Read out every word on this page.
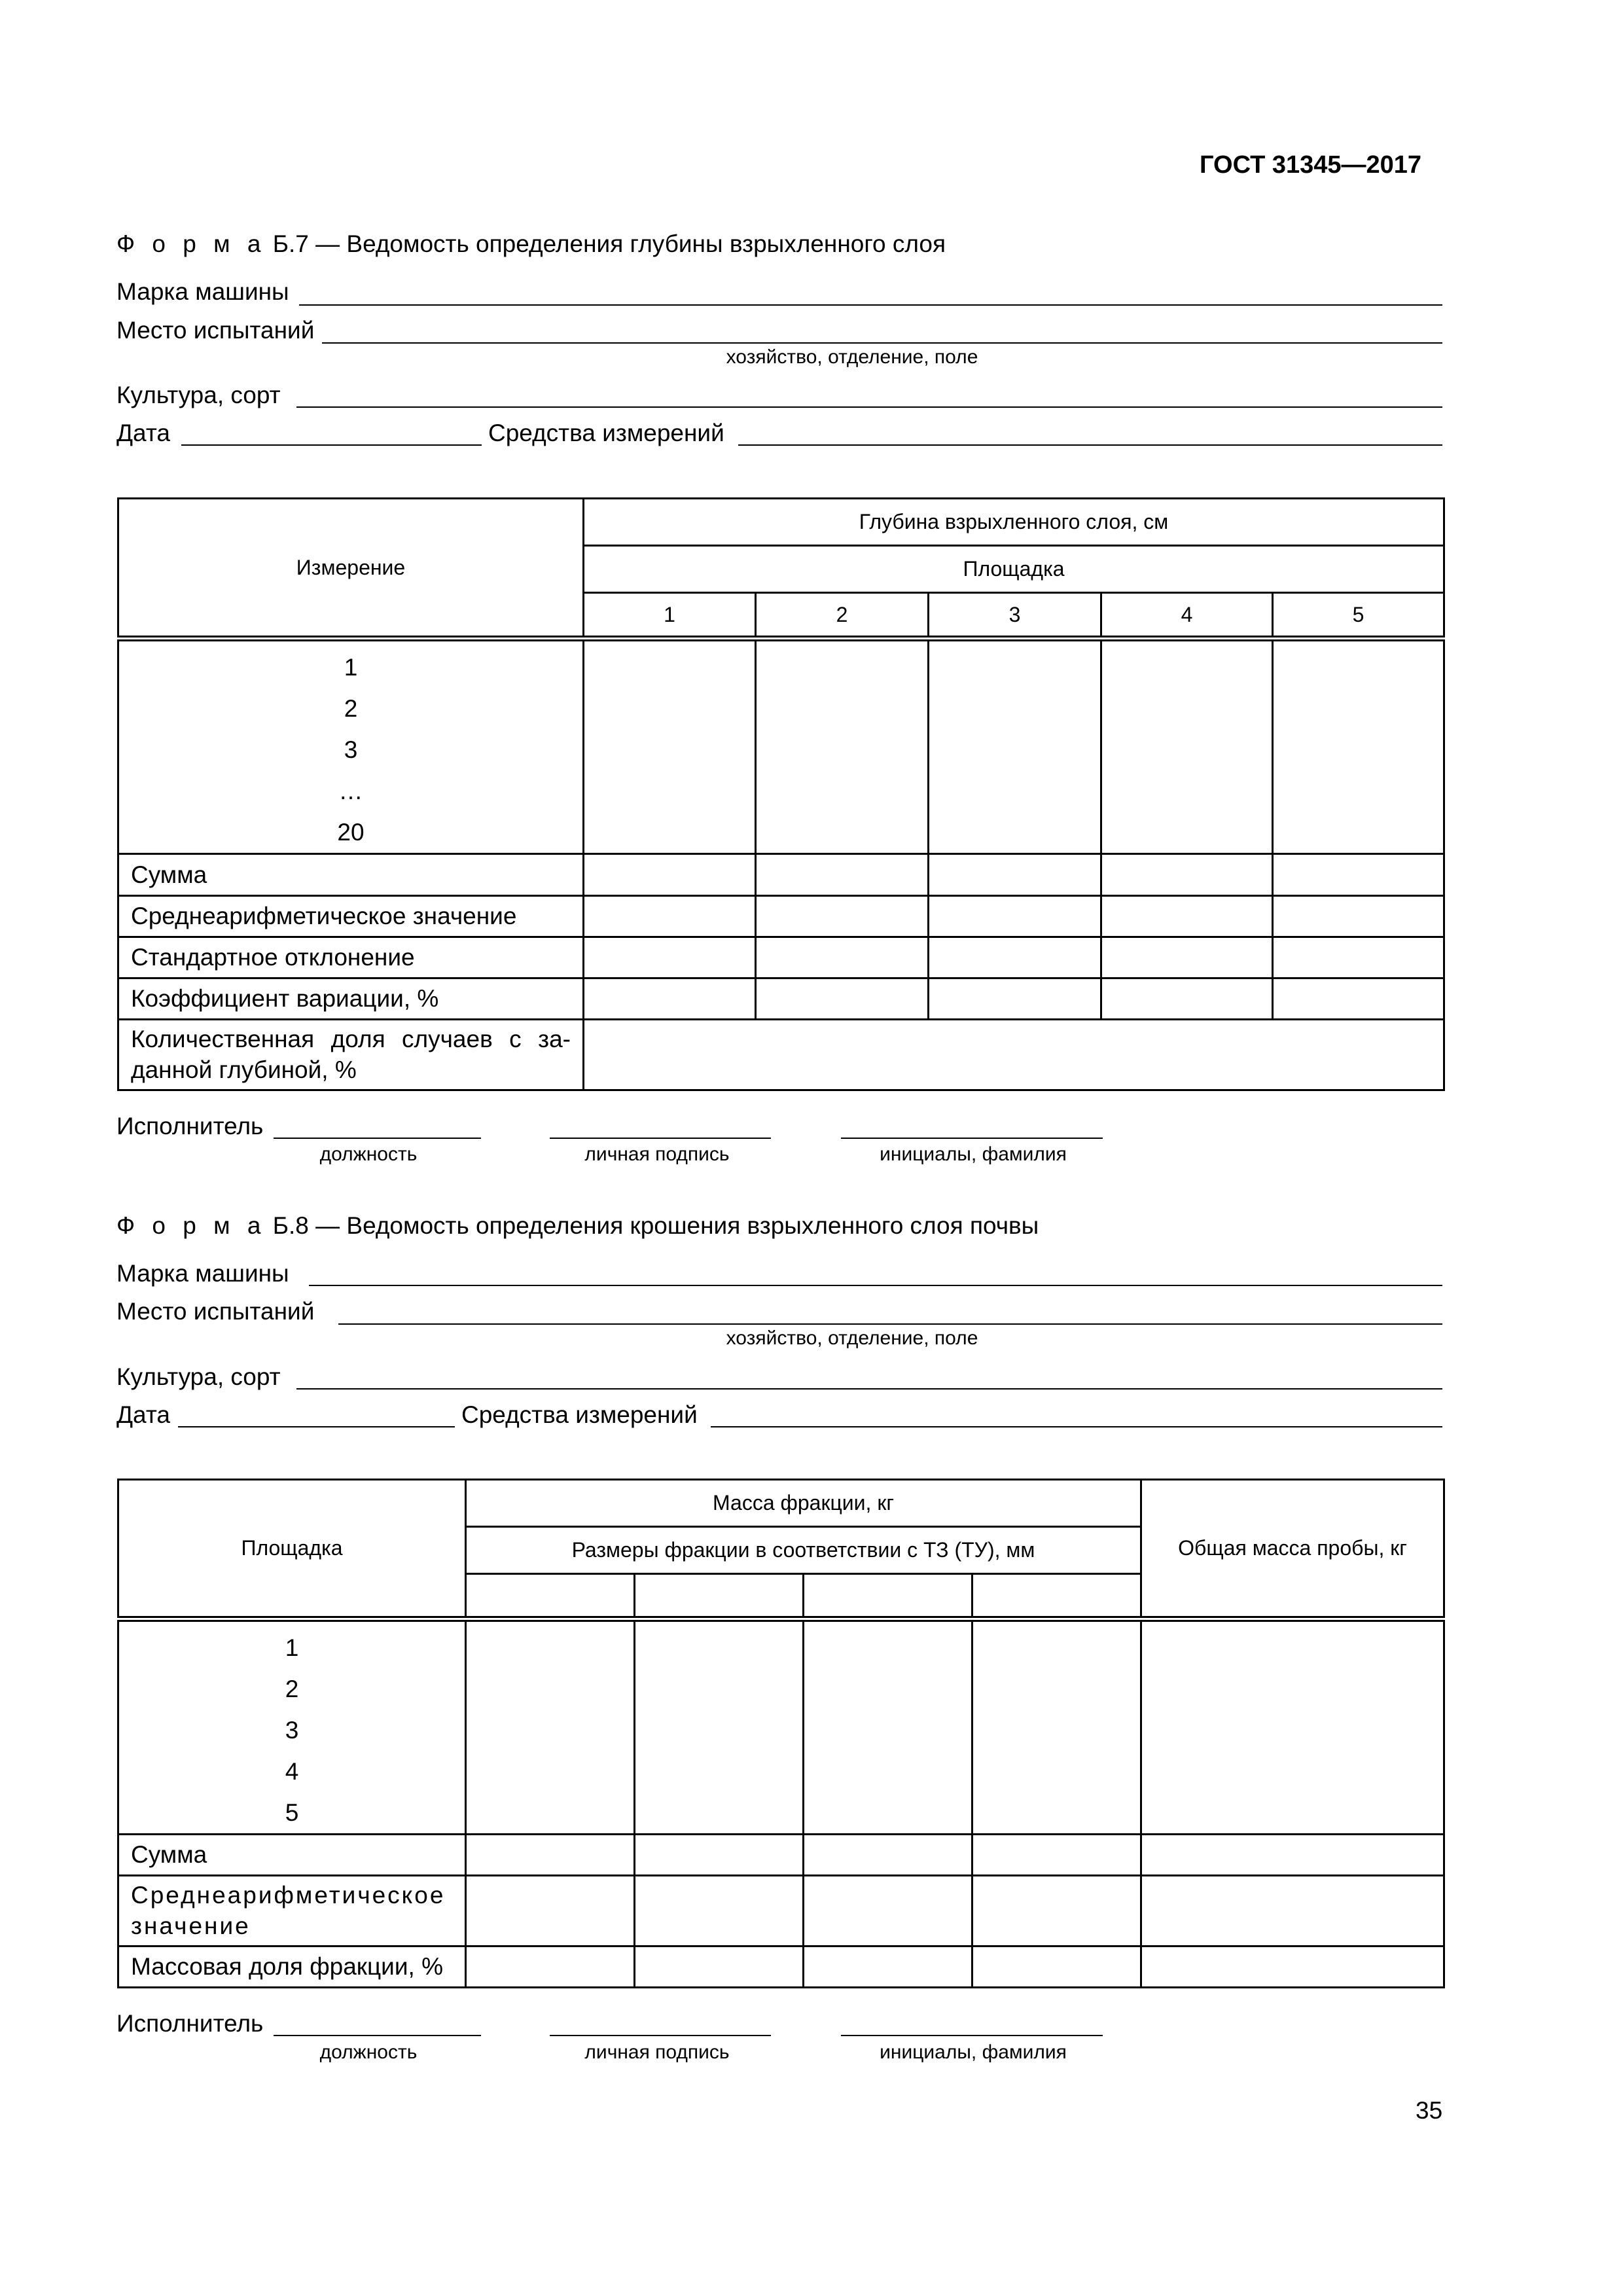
ГОСТ 31345—2017
Ф о р м а Б.7 — Ведомость определения глубины взрыхленного слоя
Марка машины
Место испытаний
хозяйство, отделение, поле
Культура, сорт
Дата	Средства измерений
Измерение	Глубина взрыхленного слоя, см				
	Площадка				
	1	2	3	4	5

1
2
3
…
20					

Сумма					
Среднеарифметическое значение					
Стандартное отклонение					
Коэффициент вариации, %					
Количественная доля случаев с за-данной глубиной, %					
Исполнитель
должность	личная подпись	инициалы, фамилия
Ф о р м а Б.8 — Ведомость определения крошения взрыхленного слоя почвы
Марка машины
Место испытаний
хозяйство, отделение, поле
Культура, сорт
Дата	Средства измерений
Площадка	Масса фракции, кг				Общая масса пробы, кг
	Размеры фракции в соответствии с ТЗ (ТУ), мм				

1
2
3
4
5					

Сумма					
Среднеарифметическое значение					
Массовая доля фракции, %					
Исполнитель
должность	личная подпись	инициалы, фамилия
35
